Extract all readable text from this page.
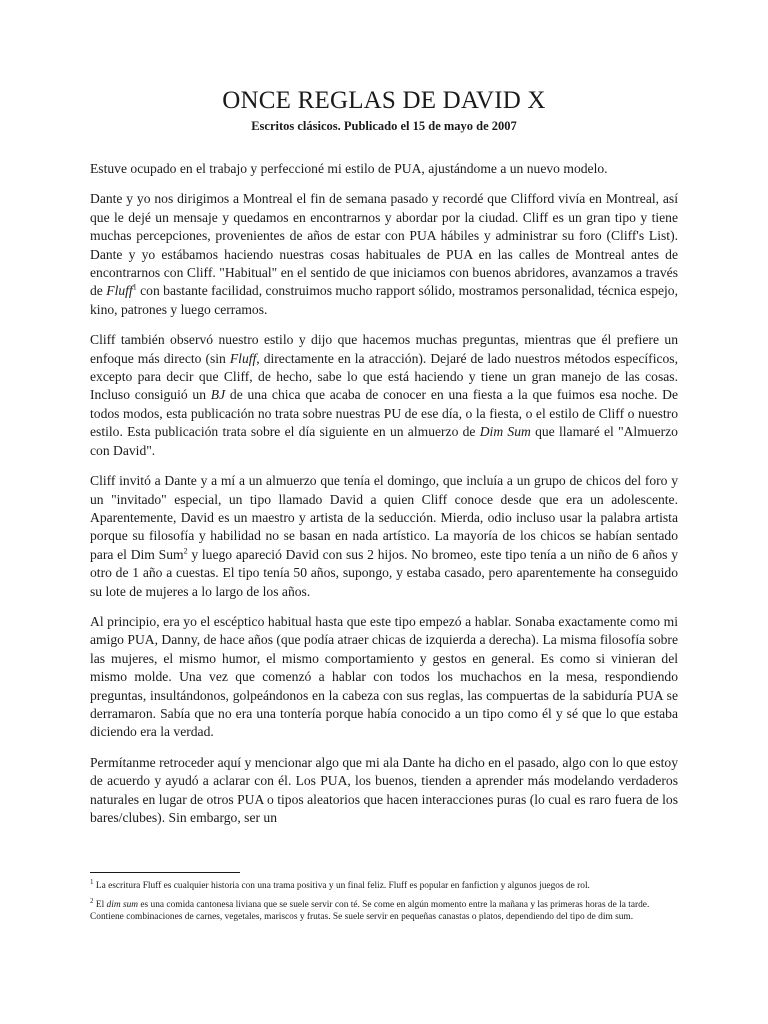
ONCE REGLAS DE DAVID X
Escritos clásicos. Publicado el 15 de mayo de 2007

Estuve ocupado en el trabajo y perfeccioné mi estilo de PUA, ajustándome a un nuevo modelo.

Dante y yo nos dirigimos a Montreal el fin de semana pasado y recordé que Clifford vivía en Montreal, así que le dejé un mensaje y quedamos en encontrarnos y abordar por la ciudad. Cliff es un gran tipo y tiene muchas percepciones, provenientes de años de estar con PUA hábiles y administrar su foro (Cliff's List). Dante y yo estábamos haciendo nuestras cosas habituales de PUA en las calles de Montreal antes de encontrarnos con Cliff. "Habitual" en el sentido de que iniciamos con buenos abridores, avanzamos a través de Fluff$^1$ con bastante facilidad, construimos mucho rapport sólido, mostramos personalidad, técnica espejo, kino, patrones y luego cerramos.

Cliff también observó nuestro estilo y dijo que hacemos muchas preguntas, mientras que él prefiere un enfoque más directo (sin Fluff, directamente en la atracción). Dejaré de lado nuestros métodos específicos, excepto para decir que Cliff, de hecho, sabe lo que está haciendo y tiene un gran manejo de las cosas. Incluso consiguió un BJ de una chica que acaba de conocer en una fiesta a la que fuimos esa noche. De todos modos, esta publicación no trata sobre nuestras PU de ese día, o la fiesta, o el estilo de Cliff o nuestro estilo. Esta publicación trata sobre el día siguiente en un almuerzo de Dim Sum que llamaré el "Almuerzo con David".

Cliff invitó a Dante y a mí a un almuerzo que tenía el domingo, que incluía a un grupo de chicos del foro y un "invitado" especial, un tipo llamado David a quien Cliff conoce desde que era un adolescente. Aparentemente, David es un maestro y artista de la seducción. Mierda, odio incluso usar la palabra artista porque su filosofía y habilidad no se basan en nada artístico. La mayoría de los chicos se habían sentado para el Dim Sum$^2$ y luego apareció David con sus 2 hijos. No bromeo, este tipo tenía a un niño de 6 años y otro de 1 año a cuestas. El tipo tenía 50 años, supongo, y estaba casado, pero aparentemente ha conseguido su lote de mujeres a lo largo de los años.

Al principio, era yo el escéptico habitual hasta que este tipo empezó a hablar. Sonaba exactamente como mi amigo PUA, Danny, de hace años (que podía atraer chicas de izquierda a derecha). La misma filosofía sobre las mujeres, el mismo humor, el mismo comportamiento y gestos en general. Es como si vinieran del mismo molde. Una vez que comenzó a hablar con todos los muchachos en la mesa, respondiendo preguntas, insultándonos, golpeándonos en la cabeza con sus reglas, las compuertas de la sabiduría PUA se derramaron. Sabía que no era una tontería porque había conocido a un tipo como él y sé que lo que estaba diciendo era la verdad.

Permítanme retroceder aquí y mencionar algo que mi ala Dante ha dicho en el pasado, algo con lo que estoy de acuerdo y ayudó a aclarar con él. Los PUA, los buenos, tienden a aprender más modelando verdaderos naturales en lugar de otros PUA o tipos aleatorios que hacen interacciones puras (lo cual es raro fuera de los bares/clubes). Sin embargo, ser un

$^1$ La escritura Fluff es cualquier historia con una trama positiva y un final feliz. Fluff es popular en fanfiction y algunos juegos de rol.

$^2$ El dim sum es una comida cantonesa liviana que se suele servir con té. Se come en algún momento entre la mañana y las primeras horas de la tarde. Contiene combinaciones de carnes, vegetales, mariscos y frutas. Se suele servir en pequeñas canastas o platos, dependiendo del tipo de dim sum.
